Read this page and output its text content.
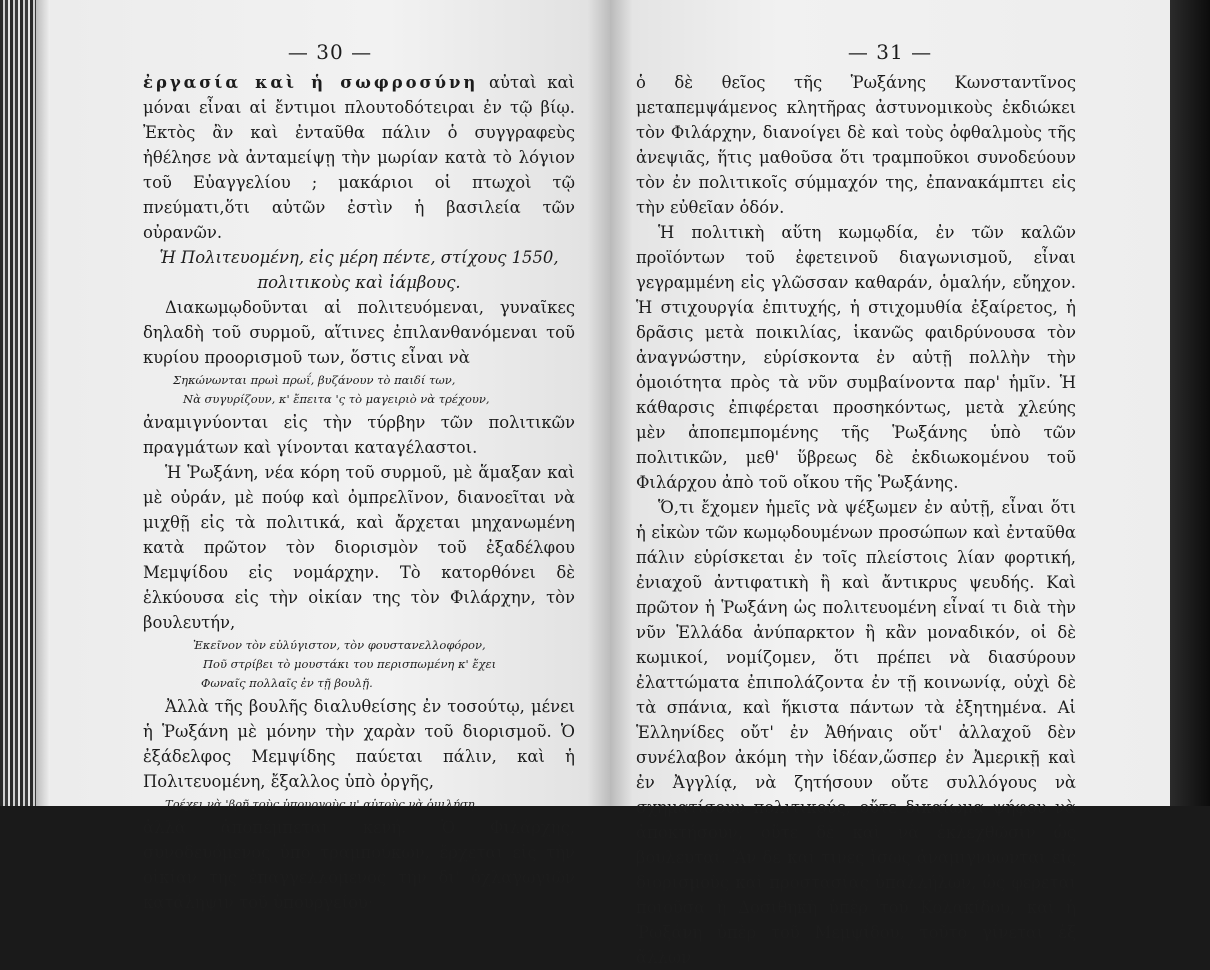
— 30 —

ἐργασία καὶ ἡ σωφροσύνη αὐταὶ καὶ μόναι εἶναι αἱ ἔντιμοι πλουτοδότειραι ἐν τῷ βίῳ. Ἐκτὸς ἂν καὶ ἐνταῦθα πάλιν ὁ συγγραφεὺς ἠθέλησε νὰ ἀνταμείψῃ τὴν μωρίαν κατὰ τὸ λόγιον τοῦ Εὐαγγελίου ; μακάριοι οἱ πτωχοὶ τῷ πνεύματι,ὅτι αὐτῶν ἐστὶν ἡ βασιλεία τῶν οὐρανῶν.

Ἡ Πολιτευομένη, εἰς μέρη πέντε, στίχους 1550,

πολιτικοὺς καὶ ἰάμβους.

Διακωμῳδοῦνται αἱ πολιτευόμεναι, γυναῖκες δηλαδὴ τοῦ συρμοῦ, αἵτινες ἐπιλανθανόμεναι τοῦ κυρίου προορισμοῦ των, ὅστις εἶναι νὰ

Σηκώνωνται πρωὶ πρωΐ, βυζάνουν τὸ παιδί των,

Νὰ συγυρίζουν, κ' ἔπειτα 'ς τὸ μαγειριὸ νὰ τρέχουν,

ἀναμιγνύονται εἰς τὴν τύρβην τῶν πολιτικῶν πραγμάτων καὶ γίνονται καταγέλαστοι.

Ἡ Ῥωξάνη, νέα κόρη τοῦ συρμοῦ, μὲ ἅμαξαν καὶ μὲ οὐράν, μὲ πούφ καὶ ὀμπρελῖνον, διανοεῖται νὰ μιχθῇ εἰς τὰ πολιτικά, καὶ ἄρχεται μηχανωμένη κατὰ πρῶτον τὸν διορισμὸν τοῦ ἐξαδέλφου Μεμψίδου εἰς νομάρχην. Τὸ κατορθόνει δὲ ἑλκύουσα εἰς τὴν οἰκίαν της τὸν Φιλάρχην, τὸν βουλευτήν,

Ἐκεῖνον τὸν εὐλύγιστον, τὸν φουστανελλοφόρον,

Ποῦ στρίβει τὸ μουστάκι του περισπωμένη κ' ἔχει

Φωναῖς πολλαῖς ἐν τῇ βουλῇ.

Ἀλλὰ τῆς βουλῆς διαλυθείσης ἐν τοσούτῳ, μένει ἡ Ῥωξάνη μὲ μόνην τὴν χαρὰν τοῦ διορισμοῦ. Ὁ ἐξάδελφος Μεμψίδης παύεται πάλιν, καὶ ἡ Πολιτευομένη, ἔξαλλος ὑπὸ ὀργῆς,

Τρέχει νὰ 'βρῇ τοὺς ὑπουργοὺς μ' αὐτοὺς νὰ ὁμιλήσῃ,

ἀλλὰ ἀποπέμπεται κενή. Ὁ Φιλάρχης, συνοδευόμενος ὑπὸ τραμπούκων, ἔρχεται εἰς τὴν οἰκίαν της ἐπαγγελλόμενος τὴν δι' ὀχλαγωγιῶν κατάληψιν τοῦ ὑπουργείου·

— 31 —

ὁ δὲ θεῖος τῆς Ῥωξάνης Κωνσταντῖνος μεταπεμψάμενος κλητῆρας ἀστυνομικοὺς ἐκδιώκει τὸν Φιλάρχην, διανοίγει δὲ καὶ τοὺς ὀφθαλμοὺς τῆς ἀνεψιᾶς, ἥτις μαθοῦσα ὅτι τραμποῦκοι συνοδεύουν τὸν ἐν πολιτικοῖς σύμμαχόν της, ἐπανακάμπτει εἰς τὴν εὐθεῖαν ὁδόν.

Ἡ πολιτικὴ αὕτη κωμῳδία, ἐν τῶν καλῶν προϊόντων τοῦ ἐφετεινοῦ διαγωνισμοῦ, εἶναι γεγραμμένη εἰς γλῶσσαν καθαράν, ὁμαλήν, εὔηχον. Ἡ στιχουργία ἐπιτυχής, ἡ στιχομυθία ἐξαίρετος, ἡ δρᾶσις μετὰ ποικιλίας, ἱκανῶς φαιδρύνουσα τὸν ἀναγνώστην, εὑρίσκοντα ἐν αὐτῇ πολλὴν τὴν ὁμοιότητα πρὸς τὰ νῦν συμβαίνοντα παρ' ἡμῖν. Ἡ κάθαρσις ἐπιφέρεται προσηκόντως, μετὰ χλεύης μὲν ἀποπεμπομένης τῆς Ῥωξάνης ὑπὸ τῶν πολιτικῶν, μεθ' ὕβρεως δὲ ἐκδιωκομένου τοῦ Φιλάρχου ἀπὸ τοῦ οἴκου τῆς Ῥωξάνης.

Ὅ,τι ἔχομεν ἡμεῖς νὰ ψέξωμεν ἐν αὐτῇ, εἶναι ὅτι ἡ εἰκὼν τῶν κωμῳδουμένων προσώπων καὶ ἐνταῦθα πάλιν εὑρίσκεται ἐν τοῖς πλείστοις λίαν φορτική, ἐνιαχοῦ ἀντιφατικὴ ἢ καὶ ἄντικρυς ψευδής. Καὶ πρῶτον ἡ Ῥωξάνη ὡς πολιτευομένη εἶναί τι διὰ τὴν νῦν Ἑλλάδα ἀνύπαρκτον ἢ κἂν μοναδικόν, οἱ δὲ κωμικοί, νομίζομεν, ὅτι πρέπει νὰ διασύρουν ἐλαττώματα ἐπιπολάζοντα ἐν τῇ κοινωνίᾳ, οὐχὶ δὲ τὰ σπάνια, καὶ ἥκιστα πάντων τὰ ἐξητημένα. Αἱ Ἑλληνίδες οὔτ' ἐν Ἀθήναις οὔτ' ἀλλαχοῦ δὲν συνέλαβον ἀκόμη τὴν ἰδέαν,ὥσπερ ἐν Ἀμερικῇ καὶ ἐν Ἀγγλίᾳ, νὰ ζητήσουν οὔτε συλλόγους νὰ σχηματίσουν πολιτικούς, οὔτε δικαίωμα ψήφου νὰ ἀποκτήσουν, οὔτε δὲ καὶ νὰ ἐκλεχθῶσιν ὡς βουλευταί. Ἂν δὲ καί τινες ἴσως ἀναμιγνύωνται εἰς διορισμοὺς καὶ προστασίας ὑπαλλήλων, ὡς φέρεται ποιοῦσα ἡ Δοσιθηκὴ ὑπὲρ τοῦ Κολακίδου, καὶ ἡ Ῥωξάνη ὑπὲρ τοῦ Μεμψίδου, τοῦτο γίνεται ἐξ ἄλλων
